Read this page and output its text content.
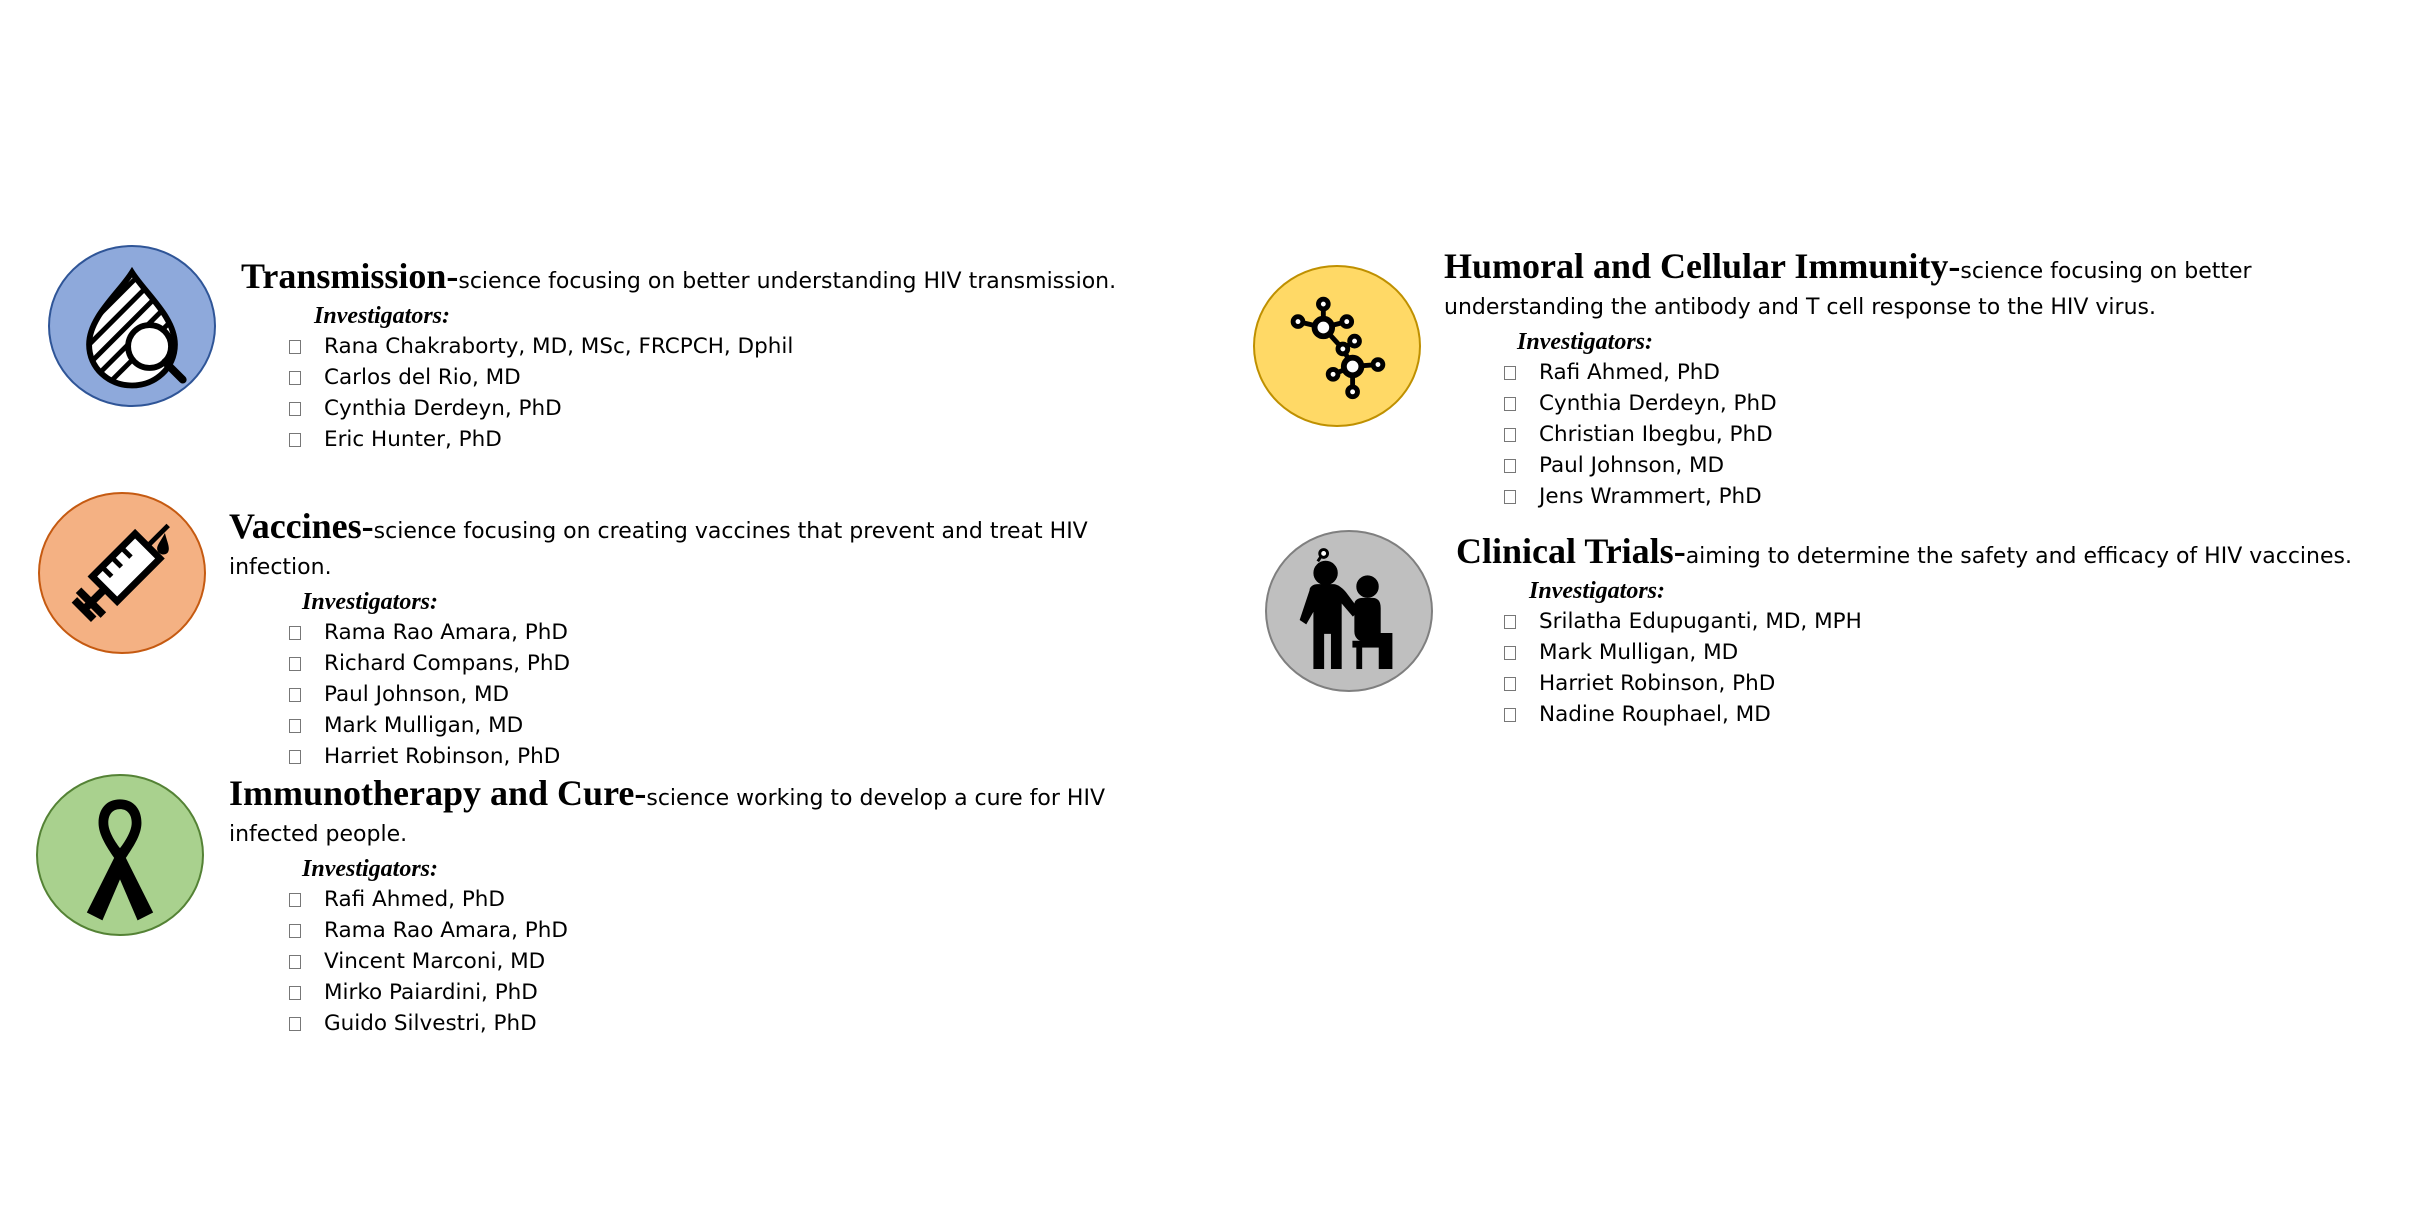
Transmission-science focusing on better understanding HIV transmission.
Investigators:
Rana Chakraborty, MD, MSc, FRCPCH, Dphil
Carlos del Rio, MD
Cynthia Derdeyn, PhD
Eric Hunter, PhD
Vaccines-science focusing on creating vaccines that prevent and treat HIV infection.
Investigators:
Rama Rao Amara, PhD
Richard Compans, PhD
Paul Johnson, MD
Mark Mulligan, MD
Harriet Robinson, PhD
Immunotherapy and Cure-science working to develop a cure for HIV infected people.
Investigators:
Rafi Ahmed, PhD
Rama Rao Amara, PhD
Vincent Marconi, MD
Mirko Paiardini, PhD
Guido Silvestri, PhD
Humoral and Cellular Immunity-science focusing on better understanding the antibody and T cell response to the HIV virus.
Investigators:
Rafi Ahmed, PhD
Cynthia Derdeyn, PhD
Christian Ibegbu, PhD
Paul Johnson, MD
Jens Wrammert, PhD
Clinical Trials-aiming to determine the safety and efficacy of HIV vaccines.
Investigators:
Srilatha Edupuganti, MD, MPH
Mark Mulligan, MD
Harriet Robinson, PhD
Nadine Rouphael, MD
